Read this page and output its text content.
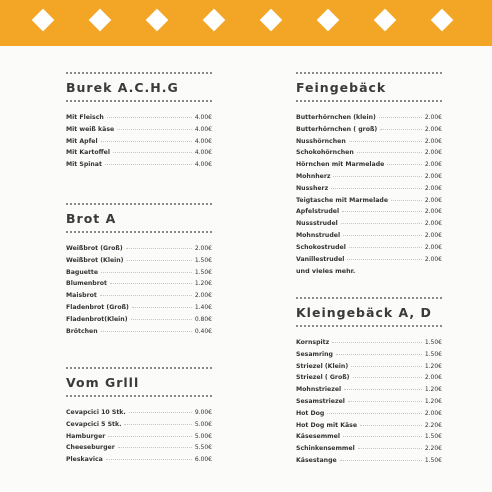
Burek A.C.H.G
Mit Fleisch	4.00€
Mit weiß käse	4.00€
Mit Apfel	4.00€
Mit Kartoffel	4.00€
Mit Spinat	4.00€
Brot A
Weißbrot (Groß)	2.00€
Weißbrot (Klein)	1.50€
Baguette	1.50€
Blumenbrot	1.20€
Maisbrot	2.00€
Fladenbrot (Groß)	1.40€
Fladenbrot(Klein)	0.80€
Brötchen	0.40€
Vom Grlll
Cevapcici 10 Stk.	9.00€
Cevapcici 5 Stk.	5.00€
Hamburger	5.00€
Cheeseburger	5.50€
Pleskavica	6.00€
Feingebäck
Butterhörnchen (klein)	2.00€
Butterhörnchen ( groß)	2.00€
Nusshörnchen	2.00€
Schokohörnchen	2.00€
Hörnchen mit Marmelade	2.00€
Mohnherz	2.00€
Nussherz	2.00€
Teigtasche mit Marmelade	2.00€
Apfelstrudel	2.00€
Nussstrudel	2.00€
Mohnstrudel	2.00€
Schokostrudel	2.00€
Vanillestrudel	2.00€
und vieles mehr.
Kleingebäck A, D
Kornspitz	1.50€
Sesamring	1.50€
Striezel (Klein)	1.20€
Striezel ( Groß)	2.00€
Mohnstriezel	1.20€
Sesamstriezel	1.20€
Hot Dog	2.00€
Hot Dog mit Käse	2.20€
Käsesemmel	1.50€
Schinkensemmel	2.20€
Käsestange	1.50€
